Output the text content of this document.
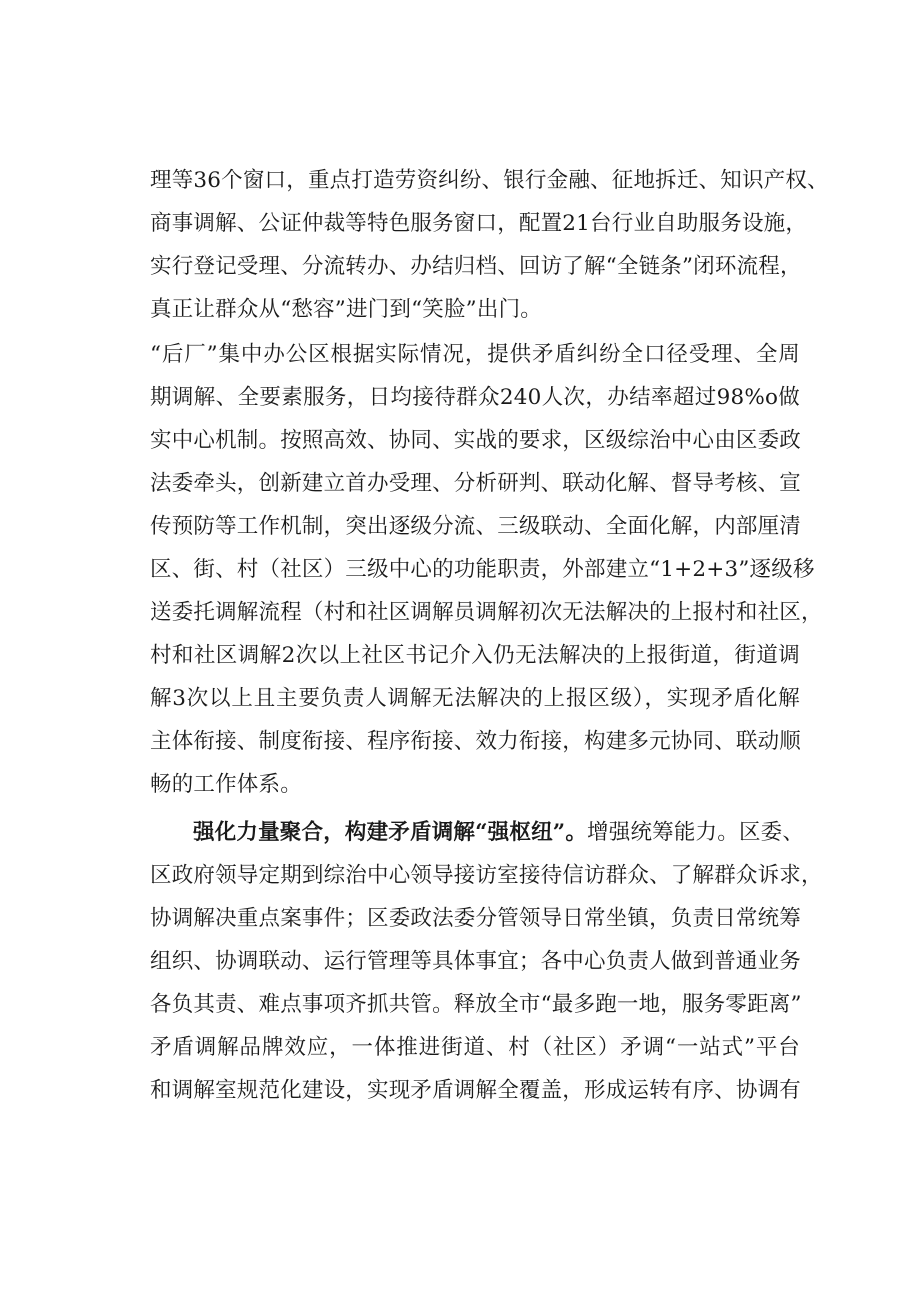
理等36个窗口，重点打造劳资纠纷、银行金融、征地拆迁、知识产权、
商事调解、公证仲裁等特色服务窗口，配置21台行业自助服务设施，
实行登记受理、分流转办、办结归档、回访了解“全链条”闭环流程，
真正让群众从“愁容”进门到“笑脸”出门。
“后厂”集中办公区根据实际情况，提供矛盾纠纷全口径受理、全周
期调解、全要素服务，日均接待群众240人次，办结率超过98%o做
实中心机制。按照高效、协同、实战的要求，区级综治中心由区委政
法委牵头，创新建立首办受理、分析研判、联动化解、督导考核、宣
传预防等工作机制，突出逐级分流、三级联动、全面化解，内部厘清
区、街、村（社区）三级中心的功能职责，外部建立“1+2+3”逐级移
送委托调解流程（村和社区调解员调解初次无法解决的上报村和社区，
村和社区调解2次以上社区书记介入仍无法解决的上报街道，街道调
解3次以上且主要负责人调解无法解决的上报区级），实现矛盾化解
主体衔接、制度衔接、程序衔接、效力衔接，构建多元协同、联动顺
畅的工作体系。
强化力量聚合，构建矛盾调解“强枢纽”。增强统筹能力。区委、
区政府领导定期到综治中心领导接访室接待信访群众、了解群众诉求，
协调解决重点案事件；区委政法委分管领导日常坐镇，负责日常统筹
组织、协调联动、运行管理等具体事宜；各中心负责人做到普通业务
各负其责、难点事项齐抓共管。释放全市“最多跑一地，服务零距离”
矛盾调解品牌效应，一体推进街道、村（社区）矛调“一站式”平台
和调解室规范化建设，实现矛盾调解全覆盖，形成运转有序、协调有
